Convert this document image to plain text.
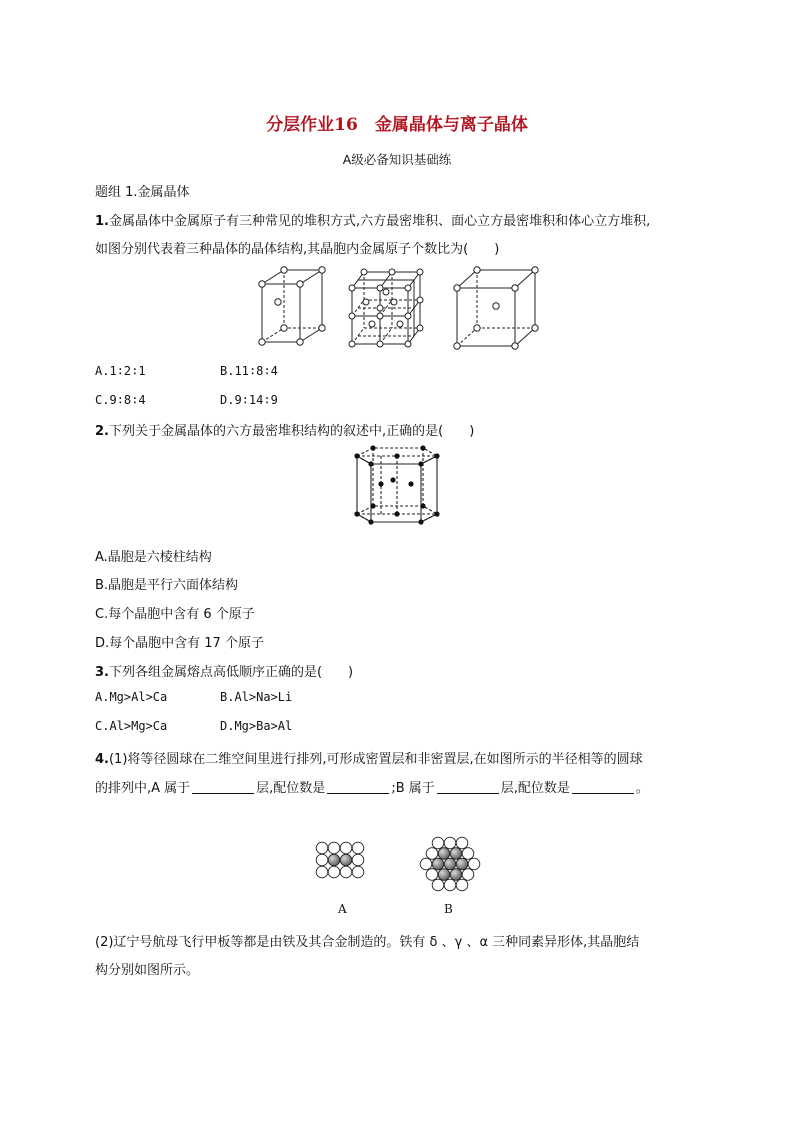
分层作业16　金属晶体与离子晶体
A级必备知识基础练
题组 1.金属晶体
1.金属晶体中金属原子有三种常见的堆积方式,六方最密堆积、面心立方最密堆积和体心立方堆积,
如图分别代表着三种晶体的晶体结构,其晶胞内金属原子个数比为(　　)
A.1∶2∶1	B.11∶8∶4
C.9∶8∶4	D.9∶14∶9
2.下列关于金属晶体的六方最密堆积结构的叙述中,正确的是(　　)
A.晶胞是六棱柱结构
B.晶胞是平行六面体结构
C.每个晶胞中含有 6 个原子
D.每个晶胞中含有 17 个原子
3.下列各组金属熔点高低顺序正确的是(　　)
A.Mg>Al>Ca	B.Al>Na>Li
C.Al>Mg>Ca	D.Mg>Ba>Al
4.(1)将等径圆球在二维空间里进行排列,可形成密置层和非密置层,在如图所示的半径相等的圆球
的排列中,A 属于	层,配位数是	;B 属于	层,配位数是	。
A	B
(2)辽宁号航母飞行甲板等都是由铁及其合金制造的。铁有 δ 、γ 、α 三种同素异形体,其晶胞结
构分别如图所示。
